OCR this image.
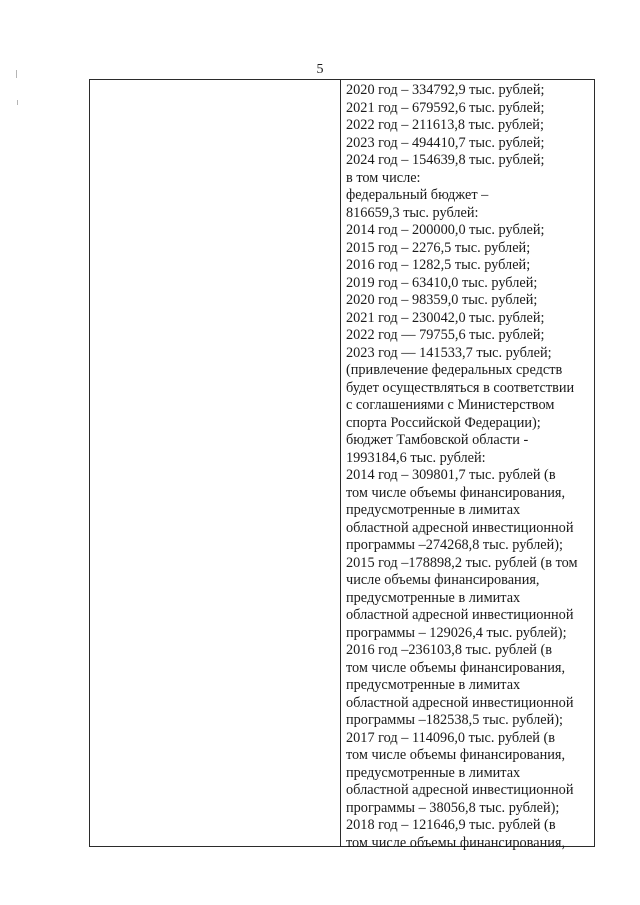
5
2020 год – 334792,9 тыс. рублей;
2021 год – 679592,6 тыс. рублей;
2022 год – 211613,8 тыс. рублей;
2023 год – 494410,7 тыс. рублей;
2024 год – 154639,8 тыс. рублей;
в том числе:
федеральный бюджет –
816659,3 тыс. рублей:
2014 год – 200000,0 тыс. рублей;
2015 год – 2276,5 тыс. рублей;
2016 год – 1282,5 тыс. рублей;
2019 год – 63410,0 тыс. рублей;
2020 год – 98359,0 тыс. рублей;
2021 год – 230042,0 тыс. рублей;
2022 год — 79755,6 тыс. рублей;
2023 год — 141533,7 тыс. рублей;
(привлечение федеральных средств
будет осуществляться в соответствии
с соглашениями с Министерством
спорта Российской Федерации);
бюджет Тамбовской области -
1993184,6 тыс. рублей:
2014 год – 309801,7 тыс. рублей (в
том числе объемы финансирования,
предусмотренные в лимитах
областной адресной инвестиционной
программы –274268,8 тыс. рублей);
2015 год –178898,2 тыс. рублей (в том
числе объемы финансирования,
предусмотренные в лимитах
областной адресной инвестиционной
программы – 129026,4 тыс. рублей);
2016 год –236103,8 тыс. рублей (в
том числе объемы финансирования,
предусмотренные в лимитах
областной адресной инвестиционной
программы –182538,5 тыс. рублей);
2017 год – 114096,0 тыс. рублей (в
том числе объемы финансирования,
предусмотренные в лимитах
областной адресной инвестиционной
программы – 38056,8 тыс. рублей);
2018 год – 121646,9 тыс. рублей (в
том числе объемы финансирования,
